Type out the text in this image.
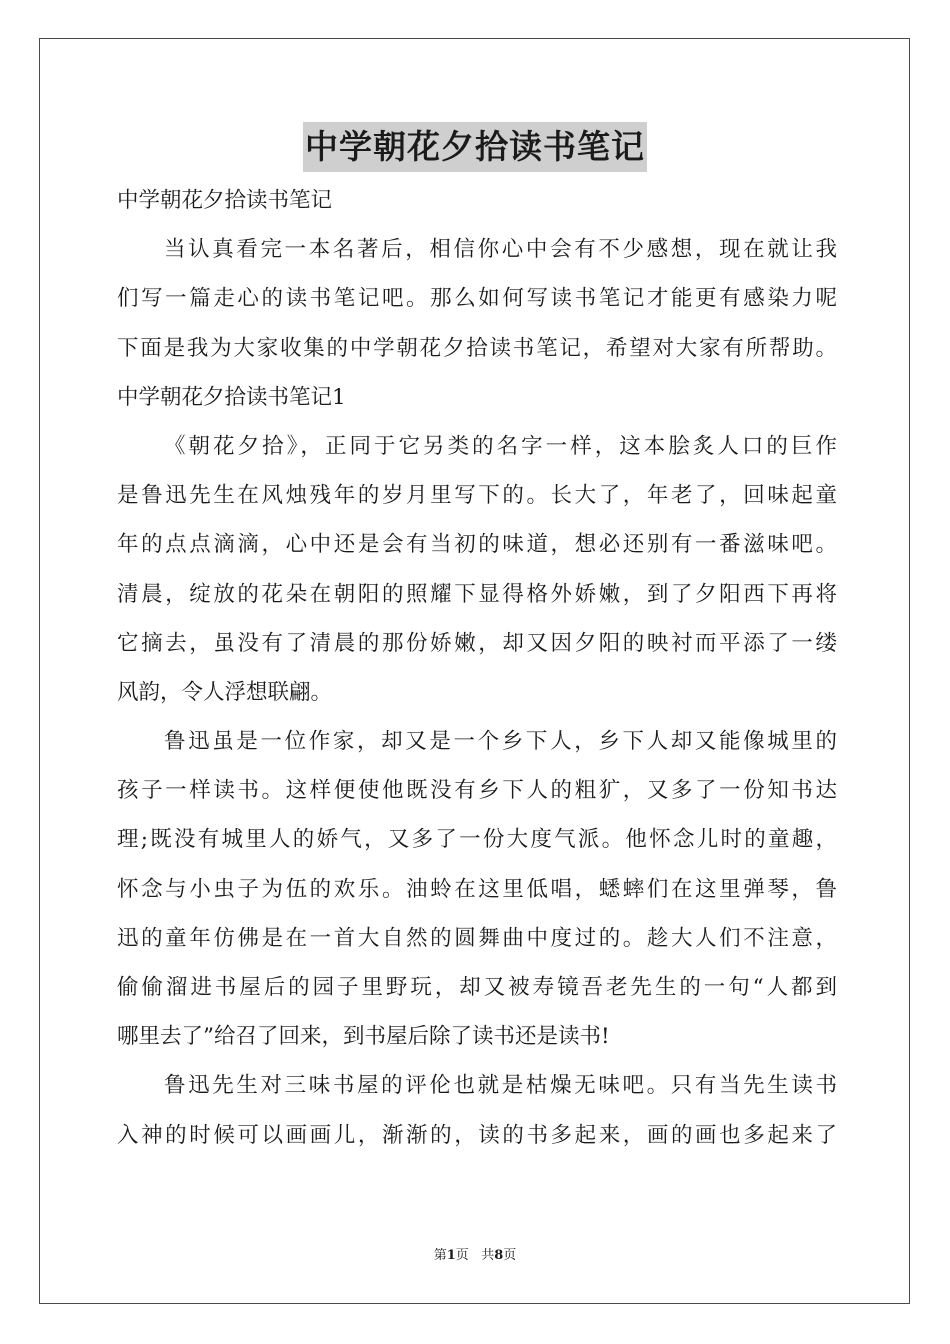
中学朝花夕拾读书笔记
中学朝花夕拾读书笔记
当认真看完一本名著后，相信你心中会有不少感想，现在就让我
们写一篇走心的读书笔记吧。那么如何写读书笔记才能更有感染力呢
下面是我为大家收集的中学朝花夕拾读书笔记，希望对大家有所帮助。
中学朝花夕拾读书笔记1
《朝花夕拾》，正同于它另类的名字一样，这本脍炙人口的巨作
是鲁迅先生在风烛残年的岁月里写下的。长大了，年老了，回味起童
年的点点滴滴，心中还是会有当初的味道，想必还别有一番滋味吧。
清晨，绽放的花朵在朝阳的照耀下显得格外娇嫩，到了夕阳西下再将
它摘去，虽没有了清晨的那份娇嫩，却又因夕阳的映衬而平添了一缕
风韵，令人浮想联翩。
鲁迅虽是一位作家，却又是一个乡下人，乡下人却又能像城里的
孩子一样读书。这样便使他既没有乡下人的粗犷，又多了一份知书达
理;既没有城里人的娇气，又多了一份大度气派。他怀念儿时的童趣，
怀念与小虫子为伍的欢乐。油蛉在这里低唱，蟋蟀们在这里弹琴，鲁
迅的童年仿佛是在一首大自然的圆舞曲中度过的。趁大人们不注意，
偷偷溜进书屋后的园子里野玩，却又被寿镜吾老先生的一句“人都到
哪里去了”给召了回来，到书屋后除了读书还是读书!
鲁迅先生对三味书屋的评伦也就是枯燥无味吧。只有当先生读书
入神的时候可以画画儿，渐渐的，读的书多起来，画的画也多起来了
第1页 共8页
